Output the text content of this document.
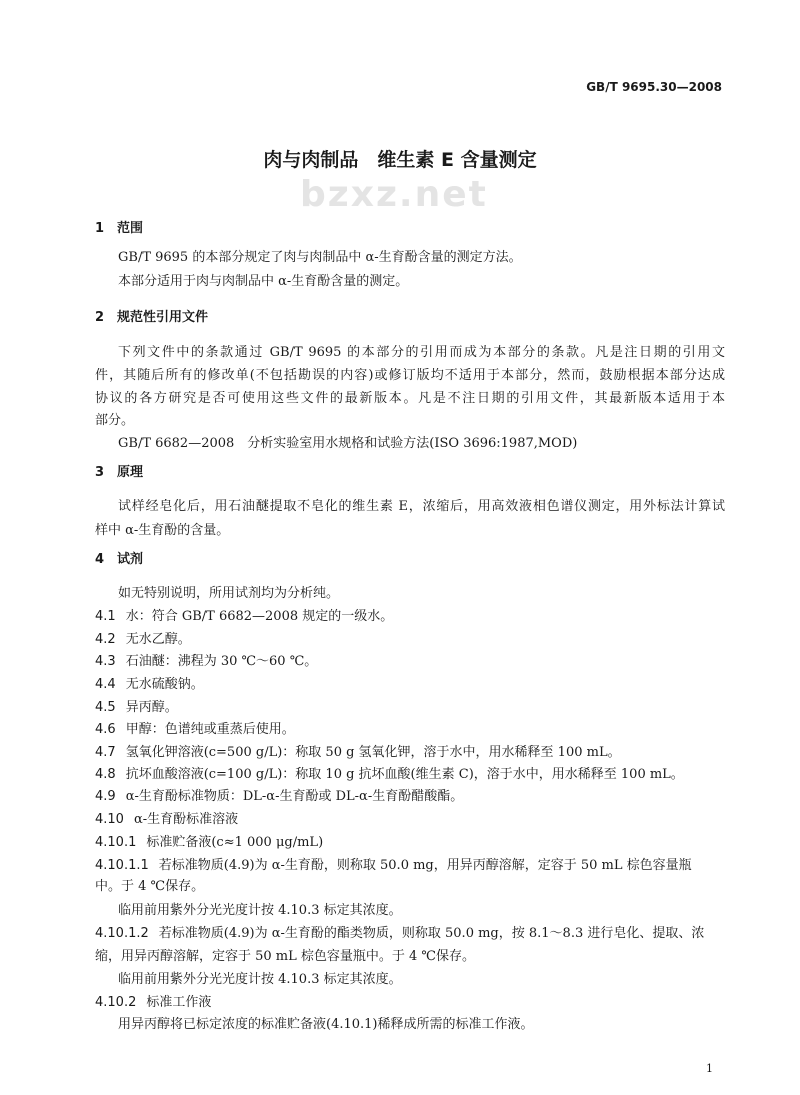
GB/T 9695.30—2008
肉与肉制品　维生素 E 含量测定
bzxz.net
1 范围
GB/T 9695 的本部分规定了肉与肉制品中 α-生育酚含量的测定方法。
本部分适用于肉与肉制品中 α-生育酚含量的测定。
2 规范性引用文件
下列文件中的条款通过 GB/T 9695 的本部分的引用而成为本部分的条款。凡是注日期的引用文
件，其随后所有的修改单(不包括勘误的内容)或修订版均不适用于本部分，然而，鼓励根据本部分达成
协议的各方研究是否可使用这些文件的最新版本。凡是不注日期的引用文件，其最新版本适用于本
部分。
GB/T 6682—2008　分析实验室用水规格和试验方法(ISO 3696:1987,MOD)
3 原理
试样经皂化后，用石油醚提取不皂化的维生素 E，浓缩后，用高效液相色谱仪测定，用外标法计算试
样中 α-生育酚的含量。
4 试剂
如无特别说明，所用试剂均为分析纯。
4.1 水：符合 GB/T 6682—2008 规定的一级水。
4.2 无水乙醇。
4.3 石油醚：沸程为 30 ℃～60 ℃。
4.4 无水硫酸钠。
4.5 异丙醇。
4.6 甲醇：色谱纯或重蒸后使用。
4.7 氢氧化钾溶液(c=500 g/L)：称取 50 g 氢氧化钾，溶于水中，用水稀释至 100 mL。
4.8 抗坏血酸溶液(c=100 g/L)：称取 10 g 抗坏血酸(维生素 C)，溶于水中，用水稀释至 100 mL。
4.9 α-生育酚标准物质：DL-α-生育酚或 DL-α-生育酚醋酸酯。
4.10 α-生育酚标准溶液
4.10.1 标准贮备液(c≈1 000 μg/mL)
4.10.1.1 若标准物质(4.9)为 α-生育酚，则称取 50.0 mg，用异丙醇溶解，定容于 50 mL 棕色容量瓶
中。于 4 ℃保存。
临用前用紫外分光光度计按 4.10.3 标定其浓度。
4.10.1.2 若标准物质(4.9)为 α-生育酚的酯类物质，则称取 50.0 mg，按 8.1～8.3 进行皂化、提取、浓
缩，用异丙醇溶解，定容于 50 mL 棕色容量瓶中。于 4 ℃保存。
临用前用紫外分光光度计按 4.10.3 标定其浓度。
4.10.2 标准工作液
用异丙醇将已标定浓度的标准贮备液(4.10.1)稀释成所需的标准工作液。
1
